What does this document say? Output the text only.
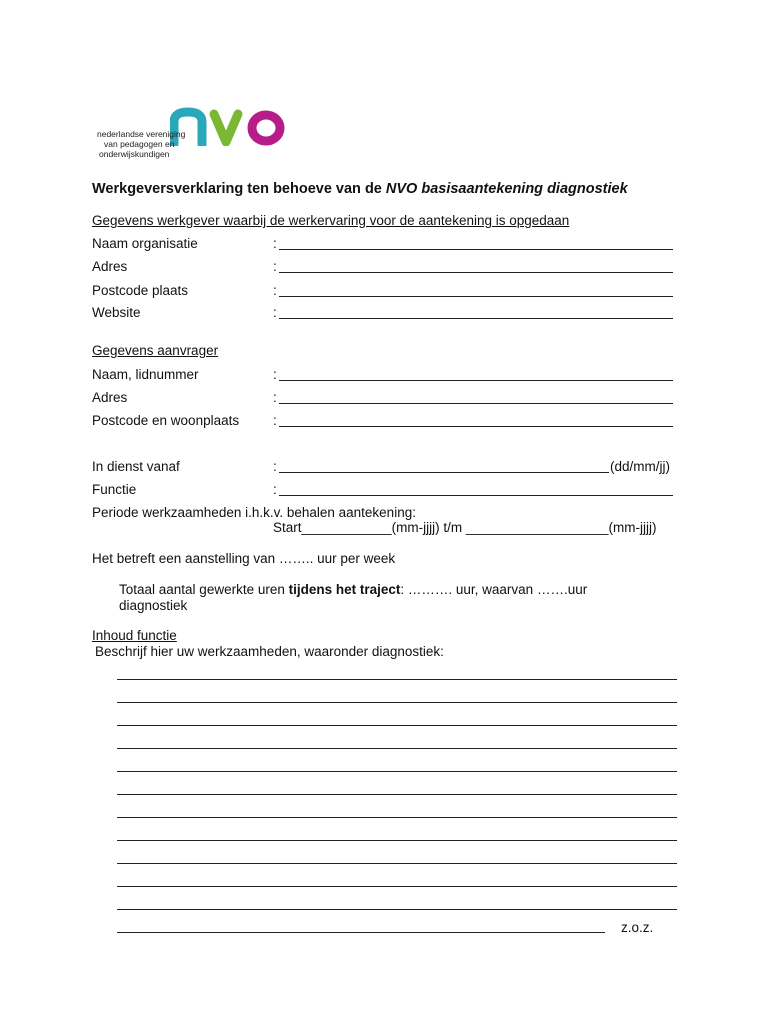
nederlandse vereniging
van pedagogen en
onderwijskundigen
Werkgeversverklaring ten behoeve van de NVO basisaantekening diagnostiek
Gegevens werkgever waarbij de werkervaring voor de aantekening is opgedaan
Naam organisatie	:
Adres	:
Postcode plaats	:
Website	:
Gegevens aanvrager
Naam, lidnummer	:
Adres	:
Postcode en woonplaats	:
In dienst vanaf	:	(dd/mm/jj)
Functie	:
Periode werkzaamheden i.h.k.v. behalen aantekening:
Start____________(mm-jjjj) t/m ___________________(mm-jjjj)
Het betreft een aanstelling van …….. uur per week
Totaal aantal gewerkte uren tijdens het traject: ………. uur, waarvan …….uur
diagnostiek
Inhoud functie
Beschrijf hier uw werkzaamheden, waaronder diagnostiek:
z.o.z.
